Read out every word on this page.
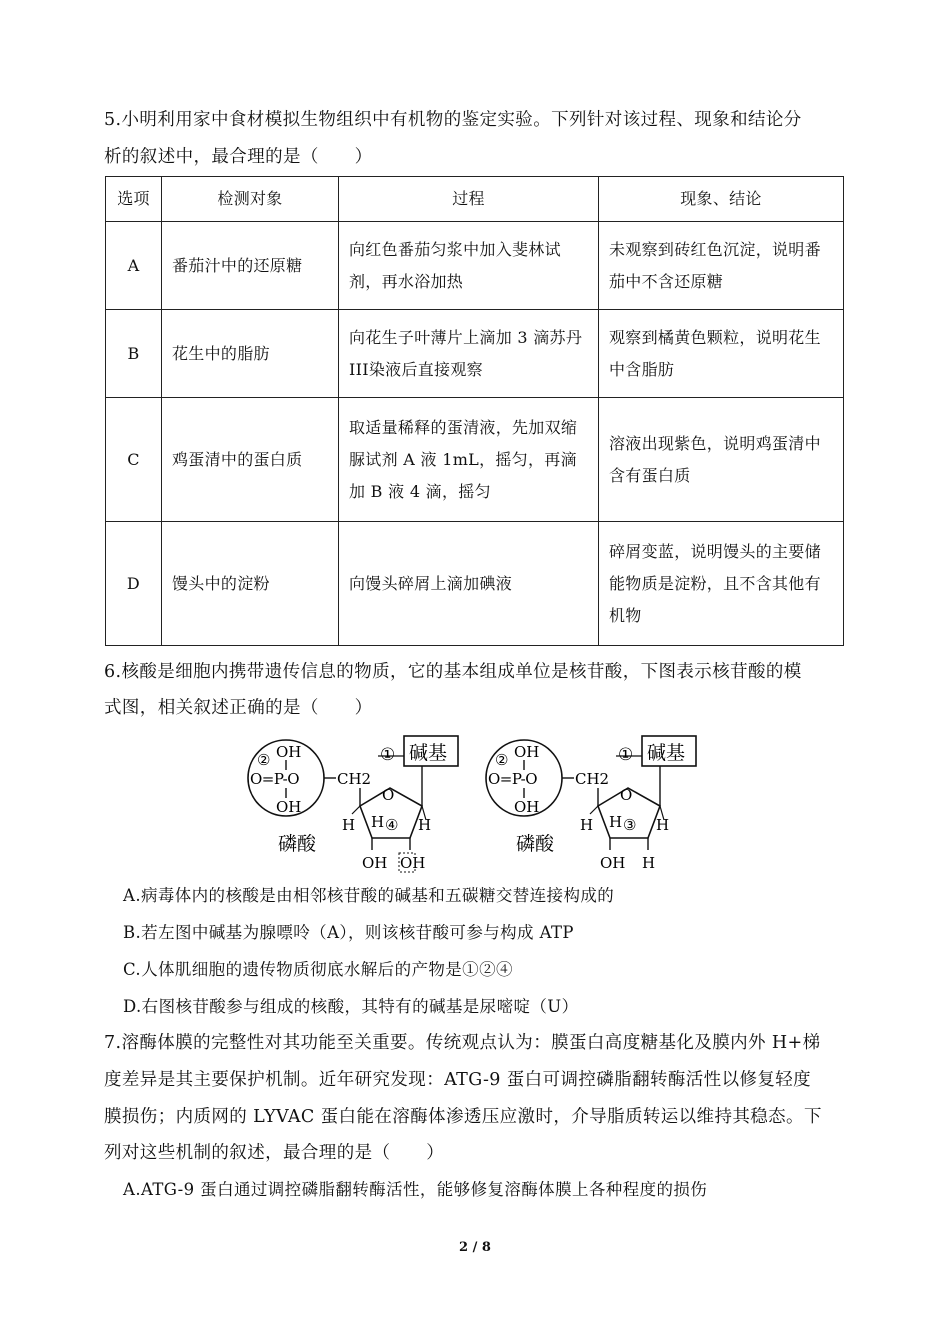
5.小明利用家中食材模拟生物组织中有机物的鉴定实验。下列针对该过程、现象和结论分
析的叙述中，最合理的是（　　）
选项	检测对象	过程	现象、结论
A	番茄汁中的还原糖	向红色番茄匀浆中加入斐林试剂，再水浴加热	未观察到砖红色沉淀，说明番茄中不含还原糖
B	花生中的脂肪	向花生子叶薄片上滴加 3 滴苏丹III染液后直接观察	观察到橘黄色颗粒，说明花生中含脂肪
C	鸡蛋清中的蛋白质	取适量稀释的蛋清液，先加双缩脲试剂 A 液 1mL，摇匀，再滴加 B 液 4 滴，摇匀	溶液出现紫色，说明鸡蛋清中含有蛋白质
D	馒头中的淀粉	向馒头碎屑上滴加碘液	碎屑变蓝，说明馒头的主要储能物质是淀粉，且不含其他有机物
6.核酸是细胞内携带遗传信息的物质，它的基本组成单位是核苷酸，下图表示核苷酸的模
式图，相关叙述正确的是（　　）
② OH
O=P-O
OH
CH2
磷酸
O
H ④ H
H
OH OH
① 碱基	② OH
O=P-O
OH
CH2
磷酸
O
H ③ H
H
OH H
① 碱基
A.病毒体内的核酸是由相邻核苷酸的碱基和五碳糖交替连接构成的
B.若左图中碱基为腺嘌呤（A），则该核苷酸可参与构成 ATP
C.人体肌细胞的遗传物质彻底水解后的产物是①②④
D.右图核苷酸参与组成的核酸，其特有的碱基是尿嘧啶（U）
7.溶酶体膜的完整性对其功能至关重要。传统观点认为：膜蛋白高度糖基化及膜内外 H+梯
度差异是其主要保护机制。近年研究发现：ATG-9 蛋白可调控磷脂翻转酶活性以修复轻度
膜损伤；内质网的 LYVAC 蛋白能在溶酶体渗透压应激时，介导脂质转运以维持其稳态。下
列对这些机制的叙述，最合理的是（　　）
A.ATG-9 蛋白通过调控磷脂翻转酶活性，能够修复溶酶体膜上各种程度的损伤
2 / 8
